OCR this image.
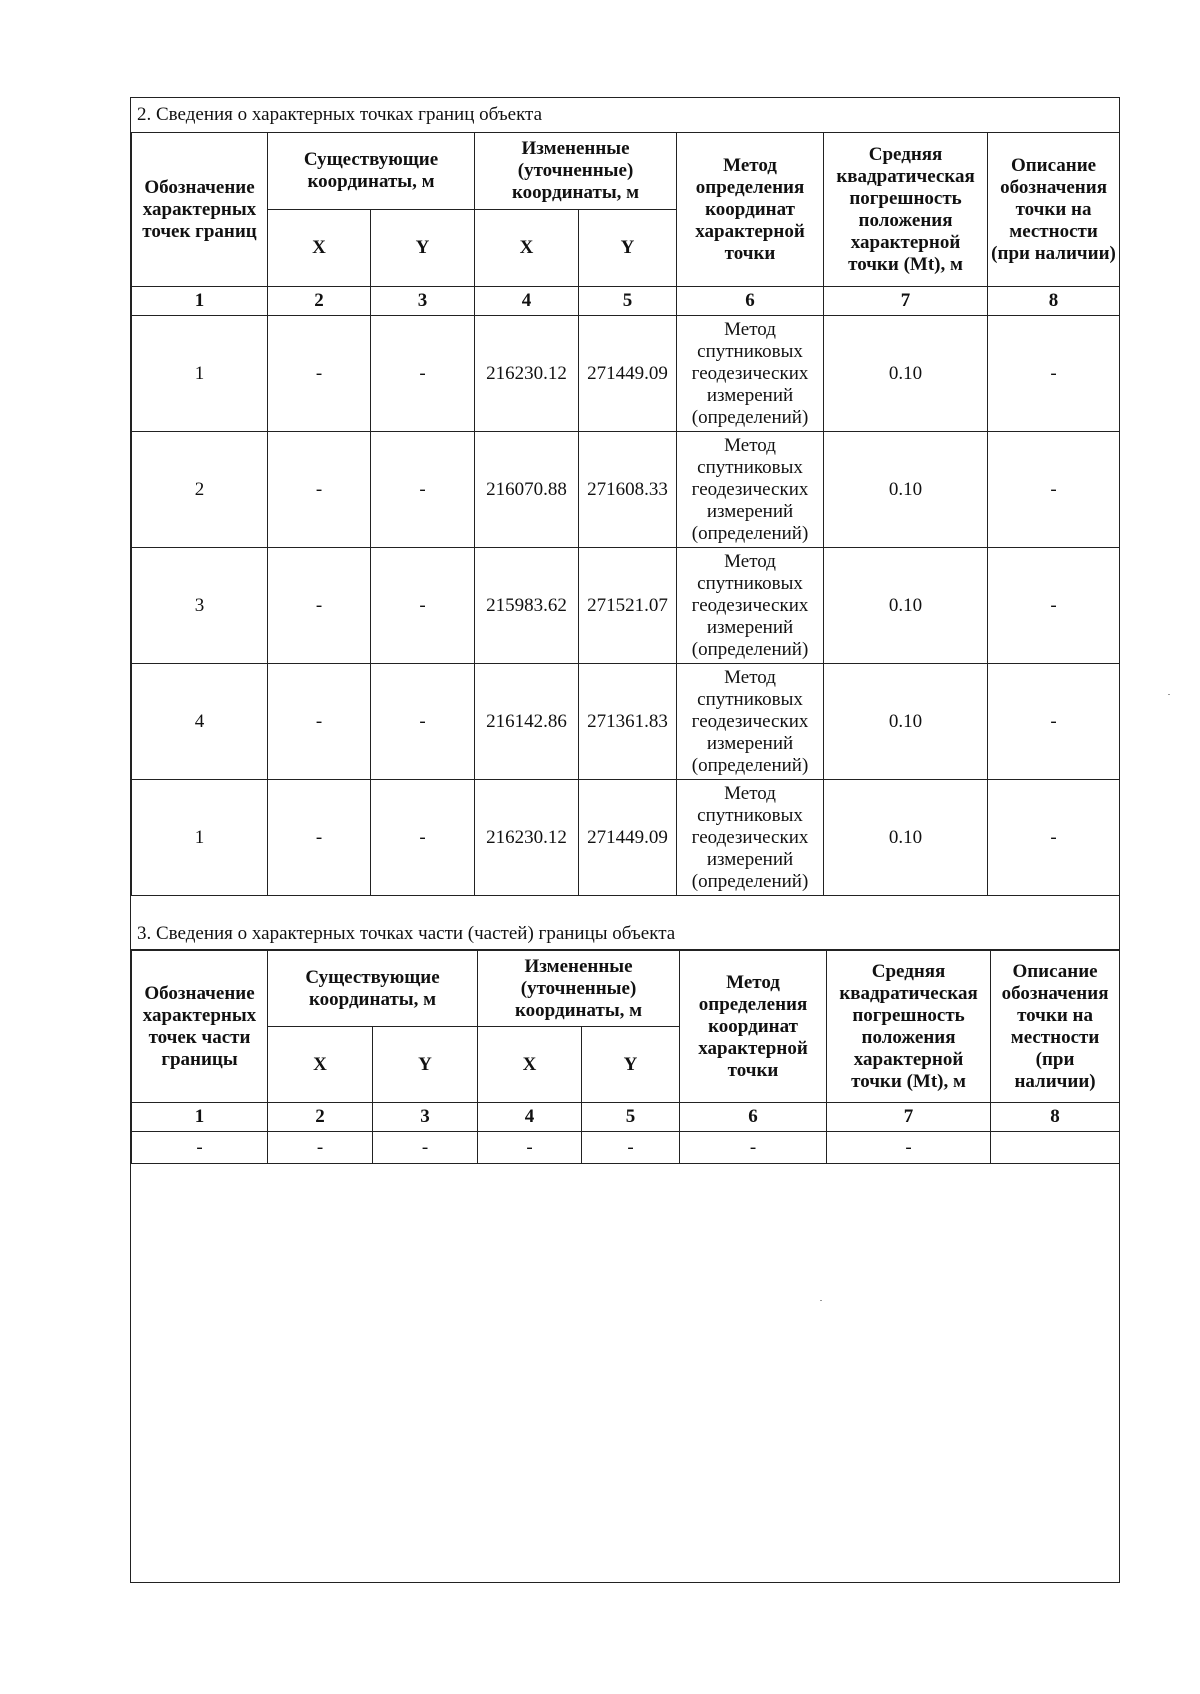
2. Сведения о характерных точках границ объекта
Обозначение характерных точек границ	Существующие координаты, м		Измененные (уточненные) координаты, м		Метод определения координат характерной точки	Средняя квадратическая погрешность положения характерной точки (Mt), м	Описание обозначения точки на местности (при наличии)
	X	Y	X	Y			
1	2	3	4	5	6	7	8
1	-	-	216230.12	271449.09	Метод спутниковых геодезических измерений (определений)	0.10	-
2	-	-	216070.88	271608.33	Метод спутниковых геодезических измерений (определений)	0.10	-
3	-	-	215983.62	271521.07	Метод спутниковых геодезических измерений (определений)	0.10	-
4	-	-	216142.86	271361.83	Метод спутниковых геодезических измерений (определений)	0.10	-
1	-	-	216230.12	271449.09	Метод спутниковых геодезических измерений (определений)	0.10	-
3. Сведения о характерных точках части (частей) границы объекта
Обозначение характерных точек части границы	Существующие координаты, м		Измененные (уточненные) координаты, м		Метод определения координат характерной точки	Средняя квадратическая погрешность положения характерной точки (Mt), м	Описание обозначения точки на местности (при наличии)
	X	Y	X	Y			
1	2	3	4	5	6	7	8
-	-	-	-	-	-	-	
